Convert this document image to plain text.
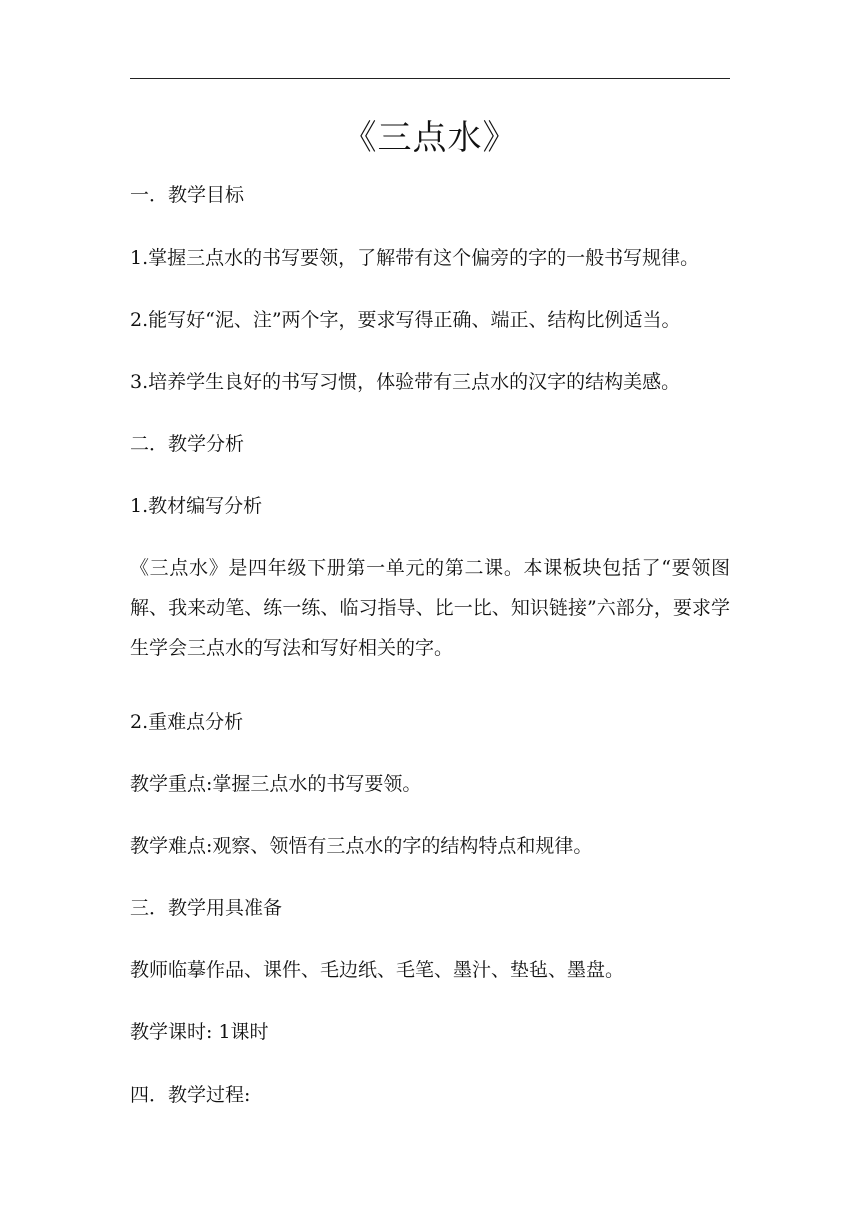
《三点水》
一．教学目标
1.掌握三点水的书写要领，了解带有这个偏旁的字的一般书写规律。
2.能写好“泥、注”两个字，要求写得正确、端正、结构比例适当。
3.培养学生良好的书写习惯，体验带有三点水的汉字的结构美感。
二．教学分析
1.教材编写分析
《三点水》是四年级下册第一单元的第二课。本课板块包括了“要领图解、我来动笔、练一练、临习指导、比一比、知识链接”六部分，要求学生学会三点水的写法和写好相关的字。
2.重难点分析
教学重点:掌握三点水的书写要领。
教学难点:观察、领悟有三点水的字的结构特点和规律。
三．教学用具准备
教师临摹作品、课件、毛边纸、毛笔、墨汁、垫毡、墨盘。
教学课时: 1课时
四．教学过程:
